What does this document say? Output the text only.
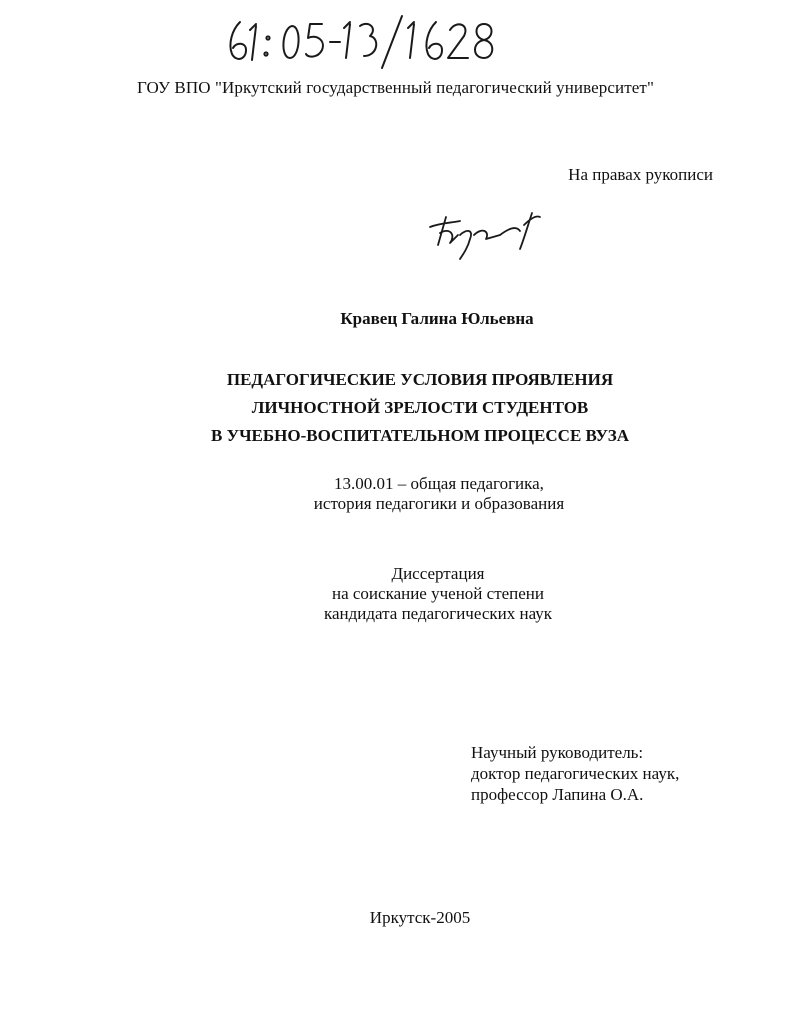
ГОУ ВПО "Иркутский государственный педагогический университет"
На правах рукописи
Кравец Галина Юльевна
ПЕДАГОГИЧЕСКИЕ УСЛОВИЯ ПРОЯВЛЕНИЯ
ЛИЧНОСТНОЙ ЗРЕЛОСТИ СТУДЕНТОВ
В УЧЕБНО-ВОСПИТАТЕЛЬНОМ ПРОЦЕССЕ ВУЗА
13.00.01 – общая педагогика,
история педагогики и образования
Диссертация
на соискание ученой степени
кандидата педагогических наук
Научный руководитель:
доктор педагогических наук,
профессор Лапина О.А.
Иркутск-2005
